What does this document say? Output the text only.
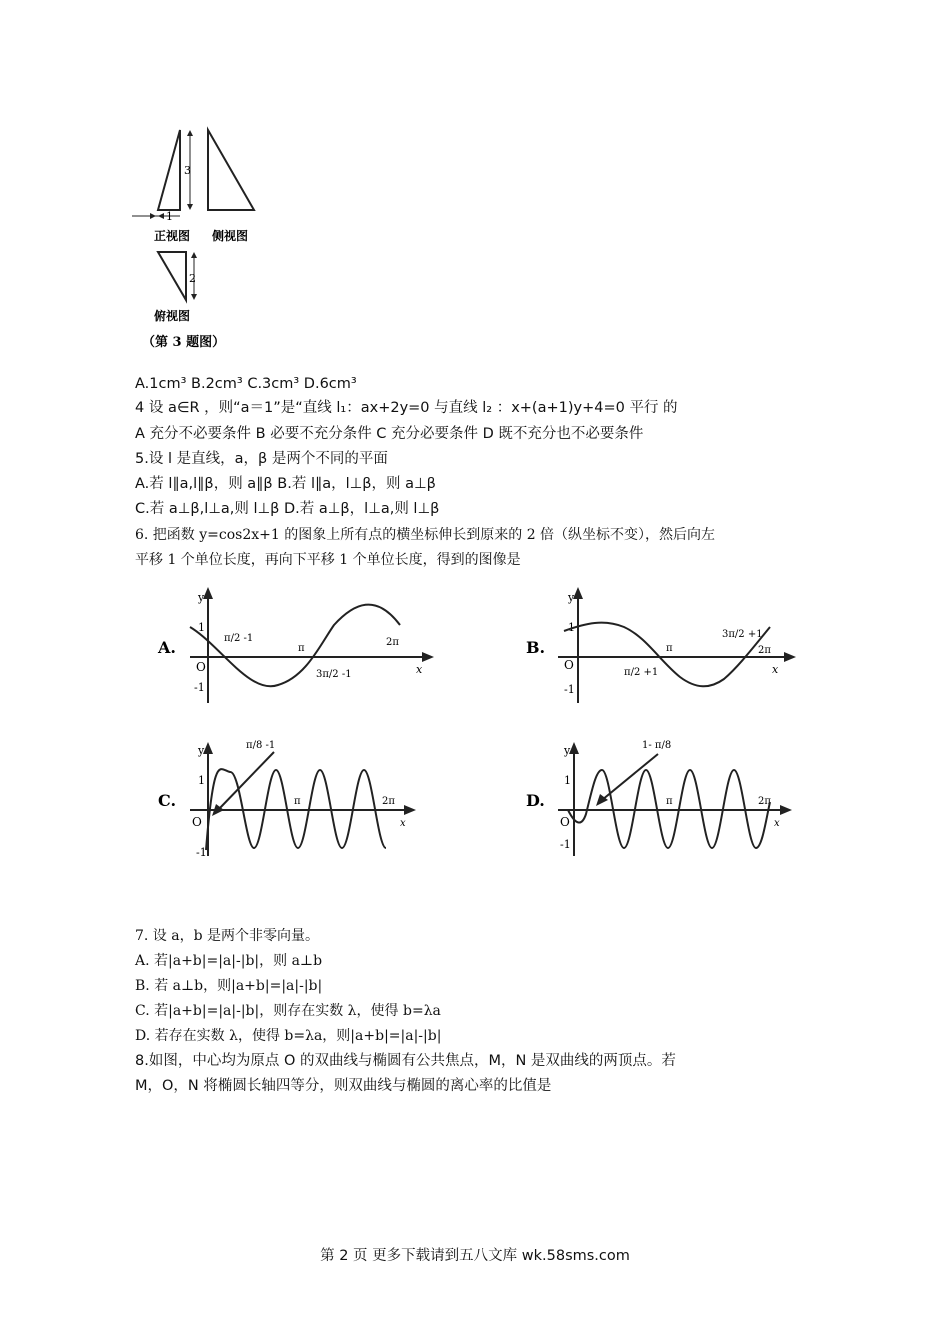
3
1
正视图 侧视图
2
俯视图
（第 3 题图）
A.1cm³ B.2cm³ C.3cm³ D.6cm³
4 设 a∈R ，则“a＝1”是“直线 l₁：ax+2y=0 与直线 l₂ ：x+(a+1)y+4=0 平行 的
A 充分不必要条件 B 必要不充分条件 C 充分必要条件 D 既不充分也不必要条件
5.设 l 是直线，a，β 是两个不同的平面
A.若 l∥a,l∥β，则 a∥β B.若 l∥a，l⊥β，则 a⊥β
C.若 a⊥β,l⊥a,则 l⊥β D.若 a⊥β，l⊥a,则 l⊥β
6. 把函数 y=cos2x+1 的图象上所有点的横坐标伸长到原来的 2 倍（纵坐标不变），然后向左
平移 1 个单位长度，再向下平移 1 个单位长度，得到的图像是
A.
y
x
O
1
-1
π
2π
π/2 -1
3π/2 -1
B.
y
x
O
1
-1
π	2π
π/2 +1
3π/2 +1
C.
y
x
O
1
-1
π	2π
π/8 -1
D.
y
x
O
1
-1
π	2π
1- π/8
7. 设 a，b 是两个非零向量。
A. 若|a+b|=|a|-|b|，则 a⊥b
B. 若 a⊥b，则|a+b|=|a|-|b|
C. 若|a+b|=|a|-|b|，则存在实数 λ，使得 b=λa
D. 若存在实数 λ，使得 b=λa，则|a+b|=|a|-|b|
8.如图，中心均为原点 O 的双曲线与椭圆有公共焦点，M，N 是双曲线的两顶点。若
M，O，N 将椭圆长轴四等分，则双曲线与椭圆的离心率的比值是
第 2 页 更多下载请到五八文库 wk.58sms.com
